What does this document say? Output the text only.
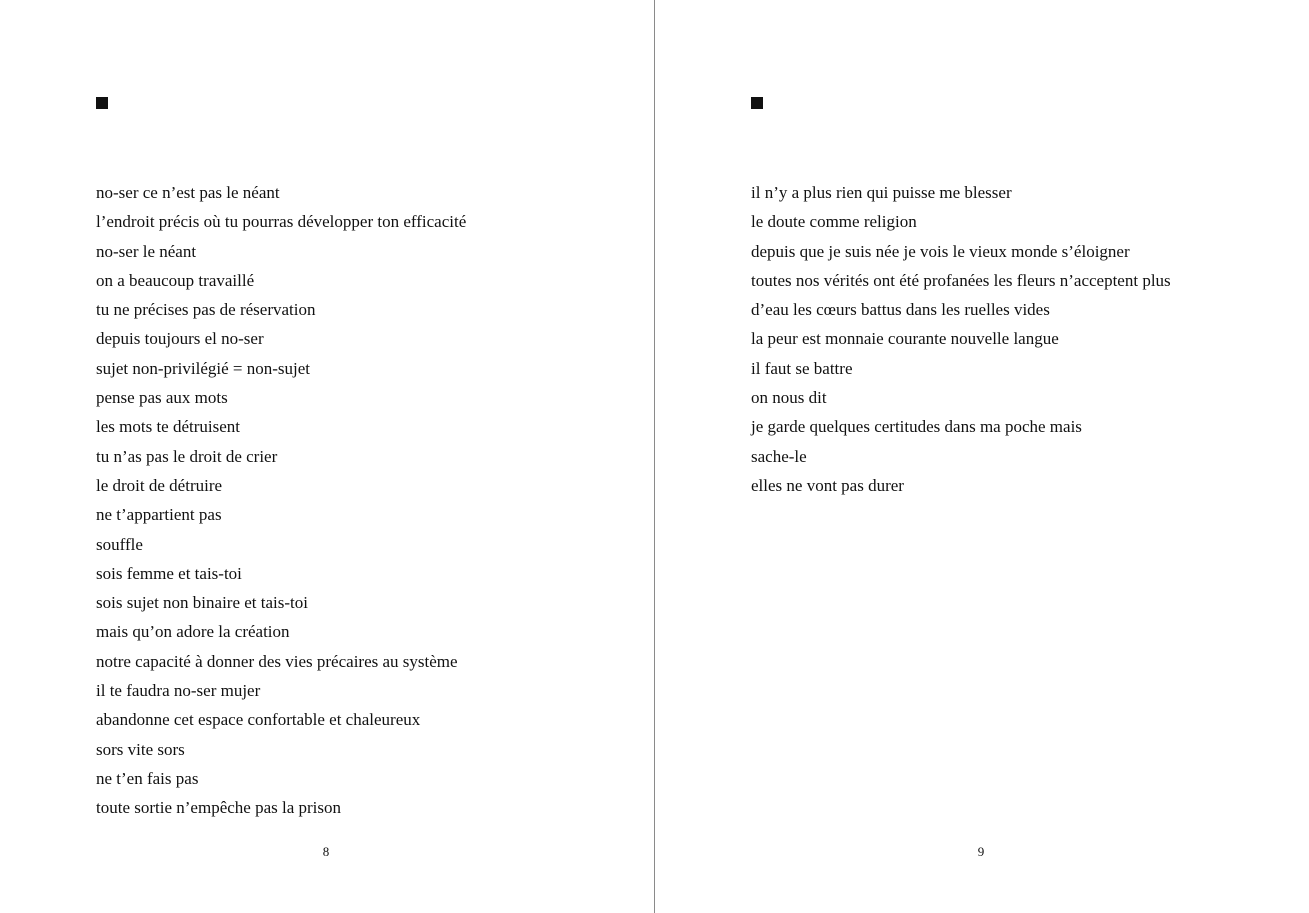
no-ser ce n’est pas le néant
l’endroit précis où tu pourras développer ton efficacité
no-ser le néant
on a beaucoup travaillé
tu ne précises pas de réservation
depuis toujours el no-ser
sujet non-privilégié = non-sujet
pense pas aux mots
les mots te détruisent
tu n’as pas le droit de crier
le droit de détruire
ne t’appartient pas
souffle
sois femme et tais-toi
sois sujet non binaire et tais-toi
mais qu’on adore la création
notre capacité à donner des vies précaires au système
il te faudra no-ser mujer
abandonne cet espace confortable et chaleureux
sors vite sors
ne t’en fais pas
toute sortie n’empêche pas la prison
8
il n’y a plus rien qui puisse me blesser
le doute comme religion
depuis que je suis née je vois le vieux monde s’éloigner
toutes nos vérités ont été profanées les fleurs n’acceptent plus
d’eau les cœurs battus dans les ruelles vides
la peur est monnaie courante nouvelle langue
il faut se battre
on nous dit
je garde quelques certitudes dans ma poche mais
sache-le
elles ne vont pas durer
9
